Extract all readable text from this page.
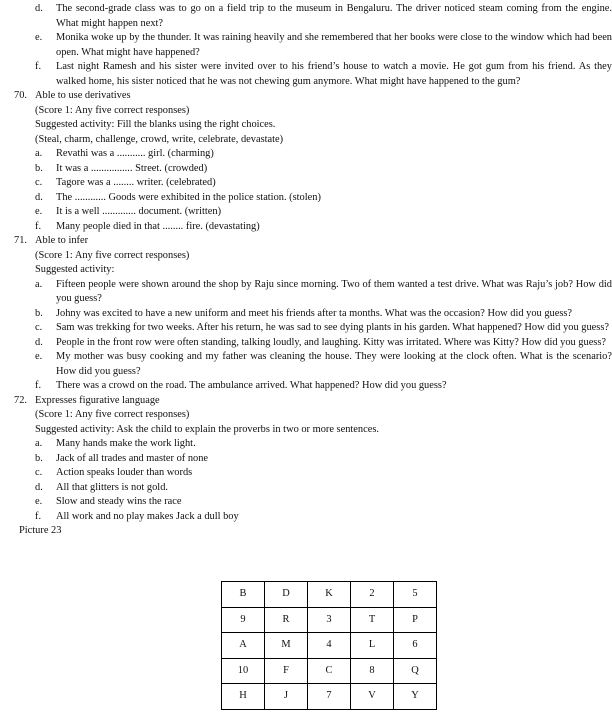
d.	The second-grade class was to go on a field trip to the museum in Bengaluru. The driver noticed steam coming from the engine. What might happen next?
e.	Monika woke up by the thunder. It was raining heavily and she remembered that her books were close to the window which had been open. What might have happened?
f.	Last night Ramesh and his sister were invited over to his friend’s house to watch a movie. He got gum from his friend. As they walked home, his sister noticed that he was not chewing gum anymore. What might have happened to the gum?
70. Able to use derivatives
(Score 1: Any five correct responses)
Suggested activity: Fill the blanks using the right choices.
(Steal, charm, challenge, crowd, write, celebrate, devastate)
a.	Revathi was a ........... girl. (charming)
b.	It was a ................ Street. (crowded)
c.	Tagore was a ........ writer. (celebrated)
d.	The ............ Goods were exhibited in the police station. (stolen)
e.	It is a well ............. document. (written)
f.	Many people died in that ........ fire. (devastating)
71. Able to infer
(Score 1: Any five correct responses)
Suggested activity:
a.	Fifteen people were shown around the shop by Raju since morning. Two of them wanted a test drive. What was Raju’s job? How did you guess?
b.	Johny was excited to have a new uniform and meet his friends after ta months. What was the occasion? How did you guess?
c.	Sam was trekking for two weeks. After his return, he was sad to see dying plants in his garden. What happened? How did you guess?
d.	People in the front row were often standing, talking loudly, and laughing. Kitty was irritated. Where was Kitty? How did you guess?
e.	My mother was busy cooking and my father was cleaning the house. They were looking at the clock often. What is the scenario? How did you guess?
f.	There was a crowd on the road. The ambulance arrived. What happened? How did you guess?
72. Expresses figurative language
(Score 1: Any five correct responses)
Suggested activity: Ask the child to explain the proverbs in two or more sentences.
a.	Many hands make the work light.
b.	Jack of all trades and master of none
c.	Action speaks louder than words
d.	All that glitters is not gold.
e.	Slow and steady wins the race
f.	All work and no play makes Jack a dull boy
Picture 23
B	D	K	2	5
9	R	3	T	P
A	M	4	L	6
10	F	C	8	Q
H	J	7	V	Y
